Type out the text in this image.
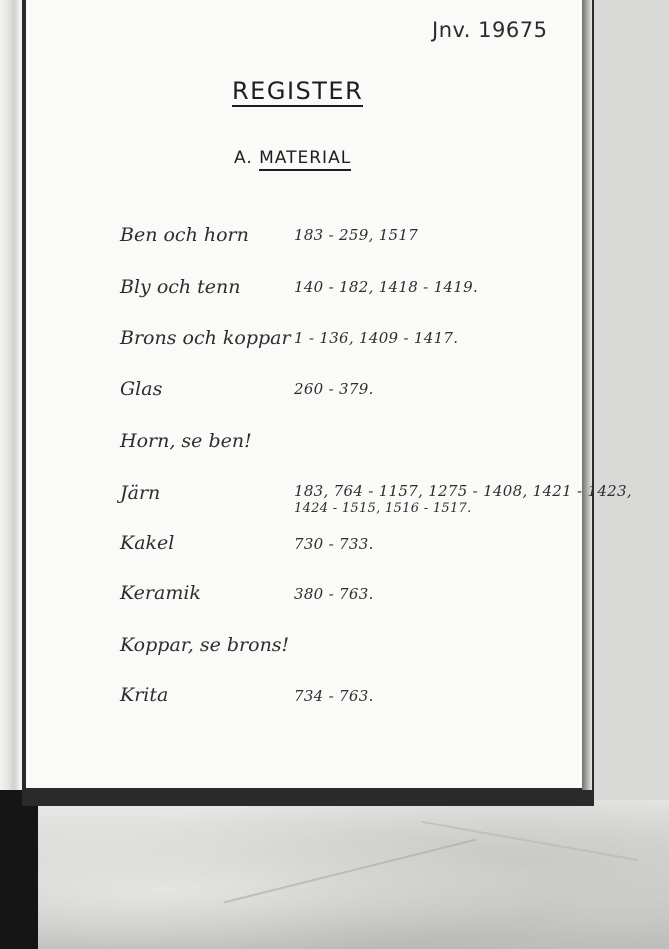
Jnv. 19675
REGISTER
A. MATERIAL
Ben och horn	183 - 259, 1517
Bly och tenn	140 - 182, 1418 - 1419.
Brons och koppar 1 - 136, 1409 - 1417.
Glas	260 - 379.
Horn, se ben!
Järn	183, 764 - 1157, 1275 - 1408, 1421 - 1423,
1424 - 1515, 1516 - 1517.
Kakel	730 - 733.
Keramik	380 - 763.
Koppar, se brons!
Krita	734 - 763.
